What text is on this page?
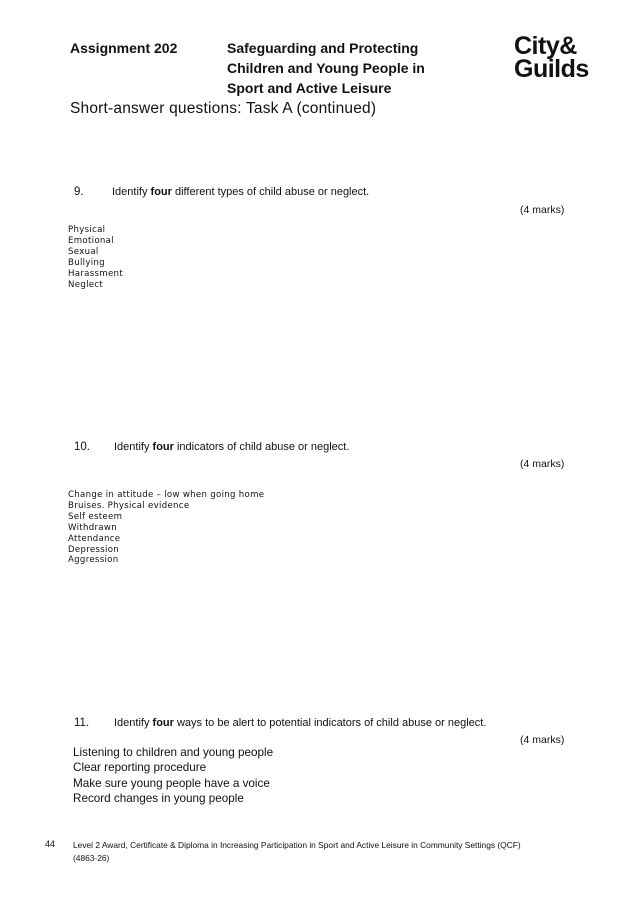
Assignment 202	Safeguarding and Protecting
Children and Young People in
Sport and Active Leisure
City&
Guilds
Short-answer questions: Task A (continued)
9.	Identify four different types of child abuse or neglect.
(4 marks)
Physical
Emotional
Sexual
Bullying
Harassment
Neglect
10. Identify four indicators of child abuse or neglect.
(4 marks)
Change in attitude – low when going home
Bruises. Physical evidence
Self esteem
Withdrawn
Attendance
Depression
Aggression
11. Identify four ways to be alert to potential indicators of child abuse or neglect.
(4 marks)
Listening to children and young people
Clear reporting procedure
Make sure young people have a voice
Record changes in young people
44 Level 2 Award, Certificate & Diploma in Increasing Participation in Sport and Active Leisure in Community Settings (QCF)
(4863-26)
